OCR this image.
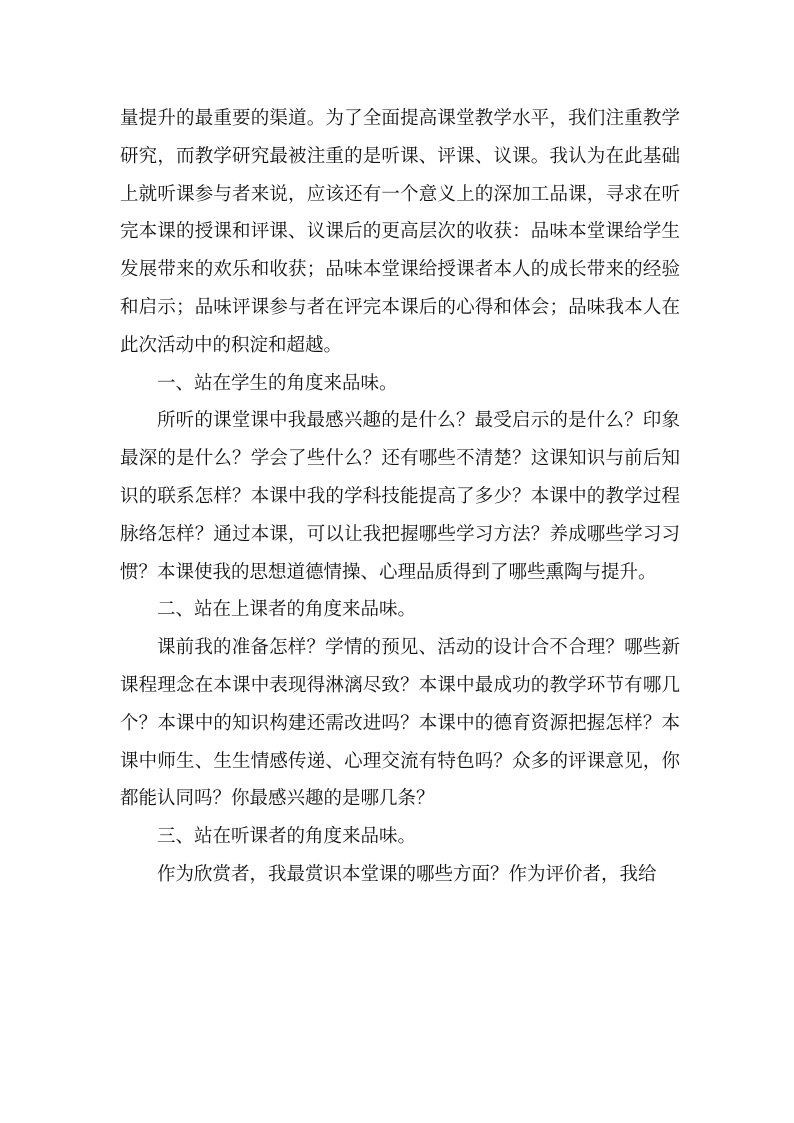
量提升的最重要的渠道。为了全面提高课堂教学水平，我们注重教学研究，而教学研究最被注重的是听课、评课、议课。我认为在此基础上就听课参与者来说，应该还有一个意义上的深加工品课，寻求在听完本课的授课和评课、议课后的更高层次的收获：品味本堂课给学生发展带来的欢乐和收获；品味本堂课给授课者本人的成长带来的经验和启示；品味评课参与者在评完本课后的心得和体会；品味我本人在此次活动中的积淀和超越。

一、站在学生的角度来品味。

所听的课堂课中我最感兴趣的是什么？最受启示的是什么？印象最深的是什么？学会了些什么？还有哪些不清楚？这课知识与前后知识的联系怎样？本课中我的学科技能提高了多少？本课中的教学过程脉络怎样？通过本课，可以让我把握哪些学习方法？养成哪些学习习惯？本课使我的思想道德情操、心理品质得到了哪些熏陶与提升。

二、站在上课者的角度来品味。

课前我的准备怎样？学情的预见、活动的设计合不合理？哪些新课程理念在本课中表现得淋漓尽致？本课中最成功的教学环节有哪几个？本课中的知识构建还需改进吗？本课中的德育资源把握怎样？本课中师生、生生情感传递、心理交流有特色吗？众多的评课意见，你都能认同吗？你最感兴趣的是哪几条？

三、站在听课者的角度来品味。

作为欣赏者，我最赏识本堂课的哪些方面？作为评价者，我给
